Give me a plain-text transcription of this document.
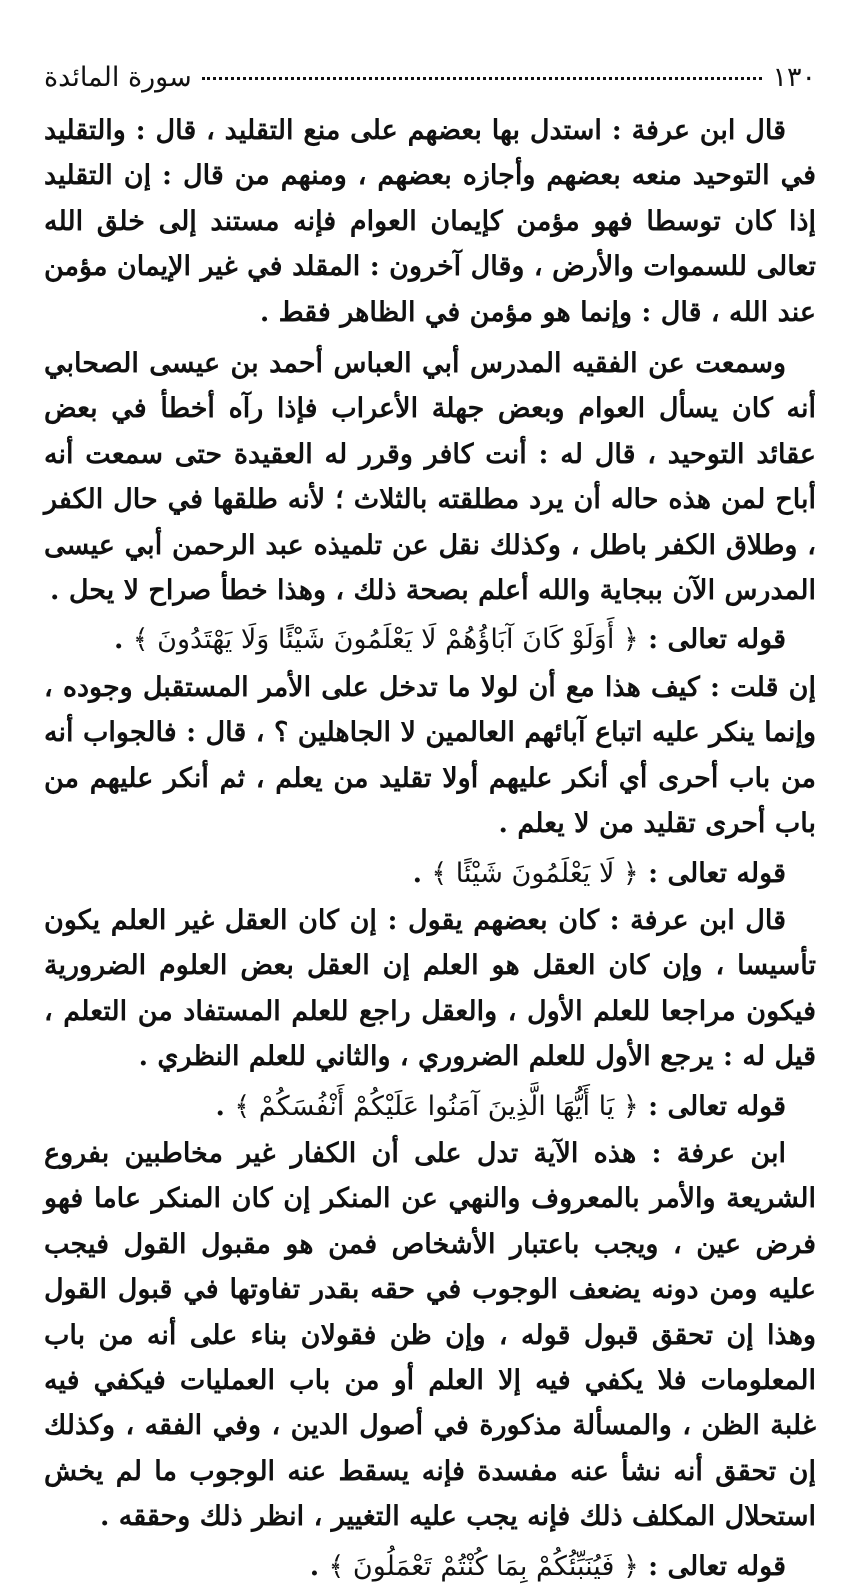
١٣٠
سورة المائدة

قال ابن عرفة : استدل بها بعضهم على منع التقليد ، قال : والتقليد في التوحيد منعه بعضهم وأجازه بعضهم ، ومنهم من قال : إن التقليد إذا كان توسطا فهو مؤمن كإيمان العوام فإنه مستند إلى خلق الله تعالى للسموات والأرض ، وقال آخرون : المقلد في غير الإيمان مؤمن عند الله ، قال : وإنما هو مؤمن في الظاهر فقط .

وسمعت عن الفقيه المدرس أبي العباس أحمد بن عيسى الصحابي أنه كان يسأل العوام وبعض جهلة الأعراب فإذا رآه أخطأ في بعض عقائد التوحيد ، قال له : أنت كافر وقرر له العقيدة حتى سمعت أنه أباح لمن هذه حاله أن يرد مطلقته بالثلاث ؛ لأنه طلقها في حال الكفر ، وطلاق الكفر باطل ، وكذلك نقل عن تلميذه عبد الرحمن أبي عيسى المدرس الآن ببجاية والله أعلم بصحة ذلك ، وهذا خطأ صراح لا يحل .

قوله تعالى : ﴿ أَوَلَوْ كَانَ آبَاؤُهُمْ لَا يَعْلَمُونَ شَيْئًا وَلَا يَهْتَدُونَ ﴾ .

إن قلت : كيف هذا مع أن لولا ما تدخل على الأمر المستقبل وجوده ، وإنما ينكر عليه اتباع آبائهم العالمين لا الجاهلين ؟ ، قال : فالجواب أنه من باب أحرى أي أنكر عليهم أولا تقليد من يعلم ، ثم أنكر عليهم من باب أحرى تقليد من لا يعلم .

قوله تعالى : ﴿ لَا يَعْلَمُونَ شَيْئًا ﴾ .

قال ابن عرفة : كان بعضهم يقول : إن كان العقل غير العلم يكون تأسيسا ، وإن كان العقل هو العلم إن العقل بعض العلوم الضرورية فيكون مراجعا للعلم الأول ، والعقل راجع للعلم المستفاد من التعلم ، قيل له : يرجع الأول للعلم الضروري ، والثاني للعلم النظري .

قوله تعالى : ﴿ يَا أَيُّهَا الَّذِينَ آمَنُوا عَلَيْكُمْ أَنْفُسَكُمْ ﴾ .

ابن عرفة : هذه الآية تدل على أن الكفار غير مخاطبين بفروع الشريعة والأمر بالمعروف والنهي عن المنكر إن كان المنكر عاما فهو فرض عين ، ويجب باعتبار الأشخاص فمن هو مقبول القول فيجب عليه ومن دونه يضعف الوجوب في حقه بقدر تفاوتها في قبول القول وهذا إن تحقق قبول قوله ، وإن ظن فقولان بناء على أنه من باب المعلومات فلا يكفي فيه إلا العلم أو من باب العمليات فيكفي فيه غلبة الظن ، والمسألة مذكورة في أصول الدين ، وفي الفقه ، وكذلك إن تحقق أنه نشأ عنه مفسدة فإنه يسقط عنه الوجوب ما لم يخش استحلال المكلف ذلك فإنه يجب عليه التغيير ، انظر ذلك وحققه .

قوله تعالى : ﴿ فَيُنَبِّئُكُمْ بِمَا كُنْتُمْ تَعْمَلُونَ ﴾ .
